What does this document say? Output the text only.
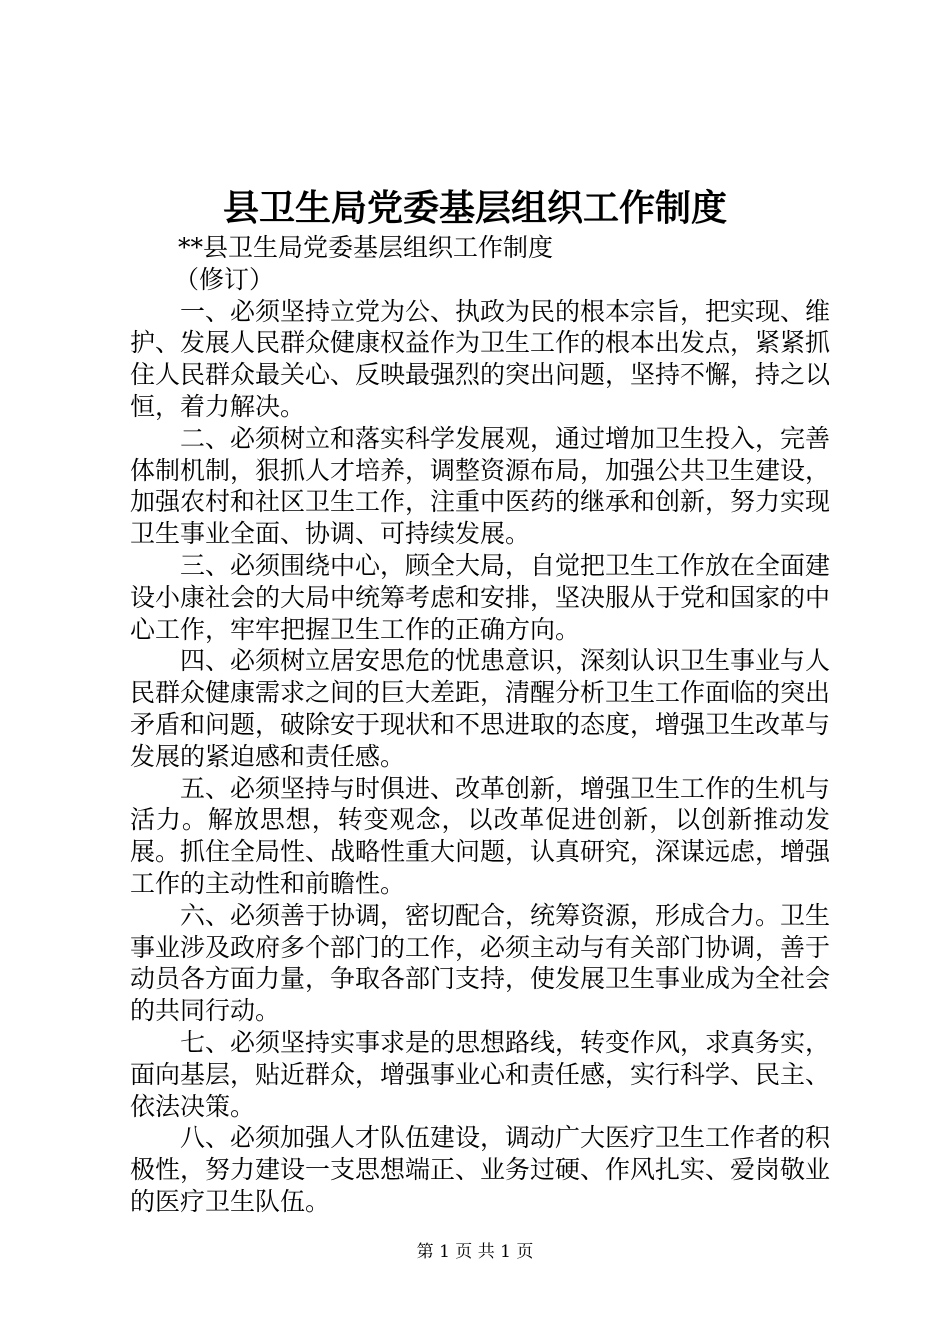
县卫生局党委基层组织工作制度

**县卫生局党委基层组织工作制度

（修订）

一、必须坚持立党为公、执政为民的根本宗旨，把实现、维护、发展人民群众健康权益作为卫生工作的根本出发点，紧紧抓住人民群众最关心、反映最强烈的突出问题，坚持不懈，持之以恒，着力解决。

二、必须树立和落实科学发展观，通过增加卫生投入，完善体制机制，狠抓人才培养，调整资源布局，加强公共卫生建设，加强农村和社区卫生工作，注重中医药的继承和创新，努力实现卫生事业全面、协调、可持续发展。

三、必须围绕中心，顾全大局，自觉把卫生工作放在全面建设小康社会的大局中统筹考虑和安排，坚决服从于党和国家的中心工作，牢牢把握卫生工作的正确方向。

四、必须树立居安思危的忧患意识，深刻认识卫生事业与人民群众健康需求之间的巨大差距，清醒分析卫生工作面临的突出矛盾和问题，破除安于现状和不思进取的态度，增强卫生改革与发展的紧迫感和责任感。

五、必须坚持与时俱进、改革创新，增强卫生工作的生机与活力。解放思想，转变观念，以改革促进创新，以创新推动发展。抓住全局性、战略性重大问题，认真研究，深谋远虑，增强工作的主动性和前瞻性。

六、必须善于协调，密切配合，统筹资源，形成合力。卫生事业涉及政府多个部门的工作，必须主动与有关部门协调，善于动员各方面力量，争取各部门支持，使发展卫生事业成为全社会的共同行动。

七、必须坚持实事求是的思想路线，转变作风，求真务实，面向基层，贴近群众，增强事业心和责任感，实行科学、民主、依法决策。

八、必须加强人才队伍建设，调动广大医疗卫生工作者的积极性，努力建设一支思想端正、业务过硬、作风扎实、爱岗敬业的医疗卫生队伍。

第 1 页 共 1 页
